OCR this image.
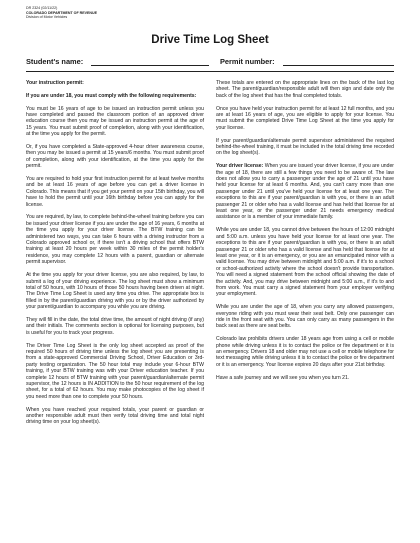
DR 2324 (02/11/22)
COLORADO DEPARTMENT OF REVENUE
Division of Motor Vehicles
Drive Time Log Sheet
Student's name:	Permit number:

Your instruction permit:

If you are under 18, you must comply with the following requirements:

You must be 16 years of age to be issued an instruction permit unless you have completed and passed the classroom portion of an approved driver education course then you may be issued an instruction permit at the age of 15 years. You must submit proof of completion, along with your identification, at the time you apply for the permit.

Or, if you have completed a State-approved 4-hour driver awareness course, then you may be issued a permit at 15 years/6 months. You must submit proof of completion, along with your identification, at the time you apply for the permit.

You are required to hold your first instruction permit for at least twelve months and be at least 16 years of age before you can get a driver license in Colorado. This means that if you get your permit on your 15th birthday, you will have to hold the permit until your 16th birthday before you can apply for the license.

You are required, by law, to complete behind-the-wheel training before you can be issued your driver license if you are under the age of 16 years, 6 months at the time you apply for your driver license. The BTW training can be administered two ways, you can take 6 hours with a driving instructor from a Colorado approved school or, if there isn't a driving school that offers BTW training at least 20 hours per week within 30 miles of the permit holder's residence, you may complete 12 hours with a parent, guardian or alternate permit supervisor.

At the time you apply for your driver license, you are also required, by law, to submit a log of your driving experience. The log sheet must show a minimum total of 50 hours, with 10 hours of those 50 hours having been driven at night. The Drive Time Log Sheet is used any time you drive. The appropriate box is filled in by the parent/guardian driving with you or by the driver authorized by your parent/guardian to accompany you while you are driving.

They will fill in the date, the total drive time, the amount of night driving (if any) and their initials. The comments section is optional for licensing purposes, but is useful for you to track your progress.

The Driver Time Log Sheet is the only log sheet accepted as proof of the required 50 hours of driving time unless the log sheet you are presenting is from a state-approved Commercial Driving School, Driver Education or 3rd-party testing organization. The 50 hour total may include your 6-hour BTW training, if your BTW training was with your Driver education teacher. If you complete 12 hours of BTW training with your parent/guardian/alternate permit supervisor, the 12 hours is IN ADDITION to the 50 hour requirement of the log sheet, for a total of 62 hours. You may make photocopies of the log sheet if you need more than one to complete your 50 hours.

When you have reached your required totals, your parent or guardian or another responsible adult must then verify total driving time and total night driving time on your log sheet(s).

These totals are entered on the appropriate lines on the back of the last log sheet. The parent/guardian/responsible adult will then sign and date only the back of the log sheet that has the final completed totals.

Once you have held your instruction permit for at least 12 full months, and you are at least 16 years of age, you are eligible to apply for your license. You must submit the completed Drive Time Log Sheet at the time you apply for your license.

If your parent/guardian/alternate permit supervisor administered the required behind-the-wheel training, it must be included in the total driving time recorded on the log sheet(s).

Your driver license: When you are issued your driver license, if you are under the age of 18, there are still a few things you need to be aware of. The law does not allow you to carry a passenger under the age of 21 until you have held your license for at least 6 months. And, you can't carry more than one passenger under 21 until you've held your license for at least one year. The exceptions to this are if your parent/guardian is with you, or there is an adult passenger 21 or older who has a valid license and has held that license for at least one year, or the passenger under 21 needs emergency medical assistance or is a member of your immediate family.

While you are under 18, you cannot drive between the hours of 12:00 midnight and 5:00 a.m. unless you have held your license for at least one year. The exceptions to this are if your parent/guardian is with you, or there is an adult passenger 21 or older who has a valid license and has held that license for at least one year, or it is an emergency, or you are an emancipated minor with a valid license. You may drive between midnight and 5:00 a.m. if it's to a school or school-authorized activity where the school doesn't provide transportation. You will need a signed statement from the school official showing the date of the activity. And, you may drive between midnight and 5:00 a.m., if it's to and from work. You must carry a signed statement from your employer verifying your employment.

While you are under the age of 18, when you carry any allowed passengers, everyone riding with you must wear their seat belt. Only one passenger can ride in the front seat with you. You can only carry as many passengers in the back seat as there are seat belts.

Colorado law prohibits drivers under 18 years age from using a cell or mobile phone while driving unless it is to contact the police or fire department or it is an emergency. Drivers 18 and older may not use a cell or mobile telephone for text messaging while driving unless it is to contact the police or fire department or it is an emergency. Your license expires 20 days after your 21st birthday.

Have a safe journey and we will see you when you turn 21.
